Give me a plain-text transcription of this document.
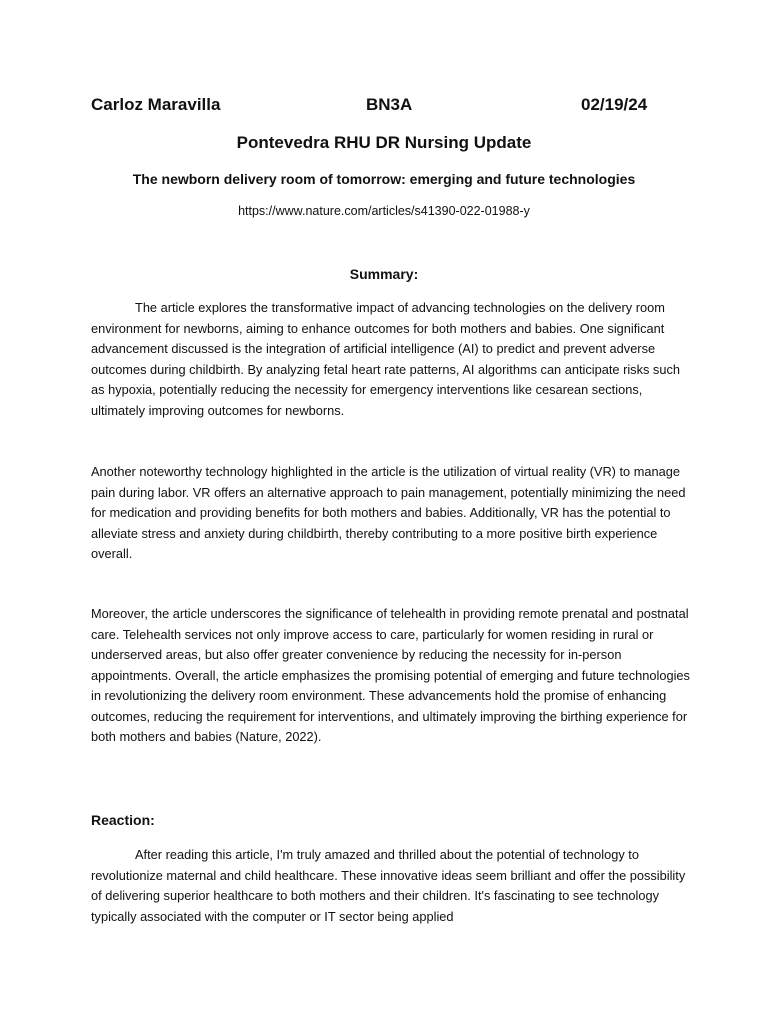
Carloz Maravilla	BN3A	02/19/24
Pontevedra RHU DR Nursing Update
The newborn delivery room of tomorrow: emerging and future technologies
https://www.nature.com/articles/s41390-022-01988-y
Summary:

The article explores the transformative impact of advancing technologies on the delivery room environment for newborns, aiming to enhance outcomes for both mothers and babies. One significant advancement discussed is the integration of artificial intelligence (AI) to predict and prevent adverse outcomes during childbirth. By analyzing fetal heart rate patterns, AI algorithms can anticipate risks such as hypoxia, potentially reducing the necessity for emergency interventions like cesarean sections, ultimately improving outcomes for newborns.

Another noteworthy technology highlighted in the article is the utilization of virtual reality (VR) to manage pain during labor. VR offers an alternative approach to pain management, potentially minimizing the need for medication and providing benefits for both mothers and babies. Additionally, VR has the potential to alleviate stress and anxiety during childbirth, thereby contributing to a more positive birth experience overall.

Moreover, the article underscores the significance of telehealth in providing remote prenatal and postnatal care. Telehealth services not only improve access to care, particularly for women residing in rural or underserved areas, but also offer greater convenience by reducing the necessity for in-person appointments. Overall, the article emphasizes the promising potential of emerging and future technologies in revolutionizing the delivery room environment. These advancements hold the promise of enhancing outcomes, reducing the requirement for interventions, and ultimately improving the birthing experience for both mothers and babies (Nature, 2022).

Reaction:

After reading this article, I'm truly amazed and thrilled about the potential of technology to revolutionize maternal and child healthcare. These innovative ideas seem brilliant and offer the possibility of delivering superior healthcare to both mothers and their children. It's fascinating to see technology typically associated with the computer or IT sector being applied
